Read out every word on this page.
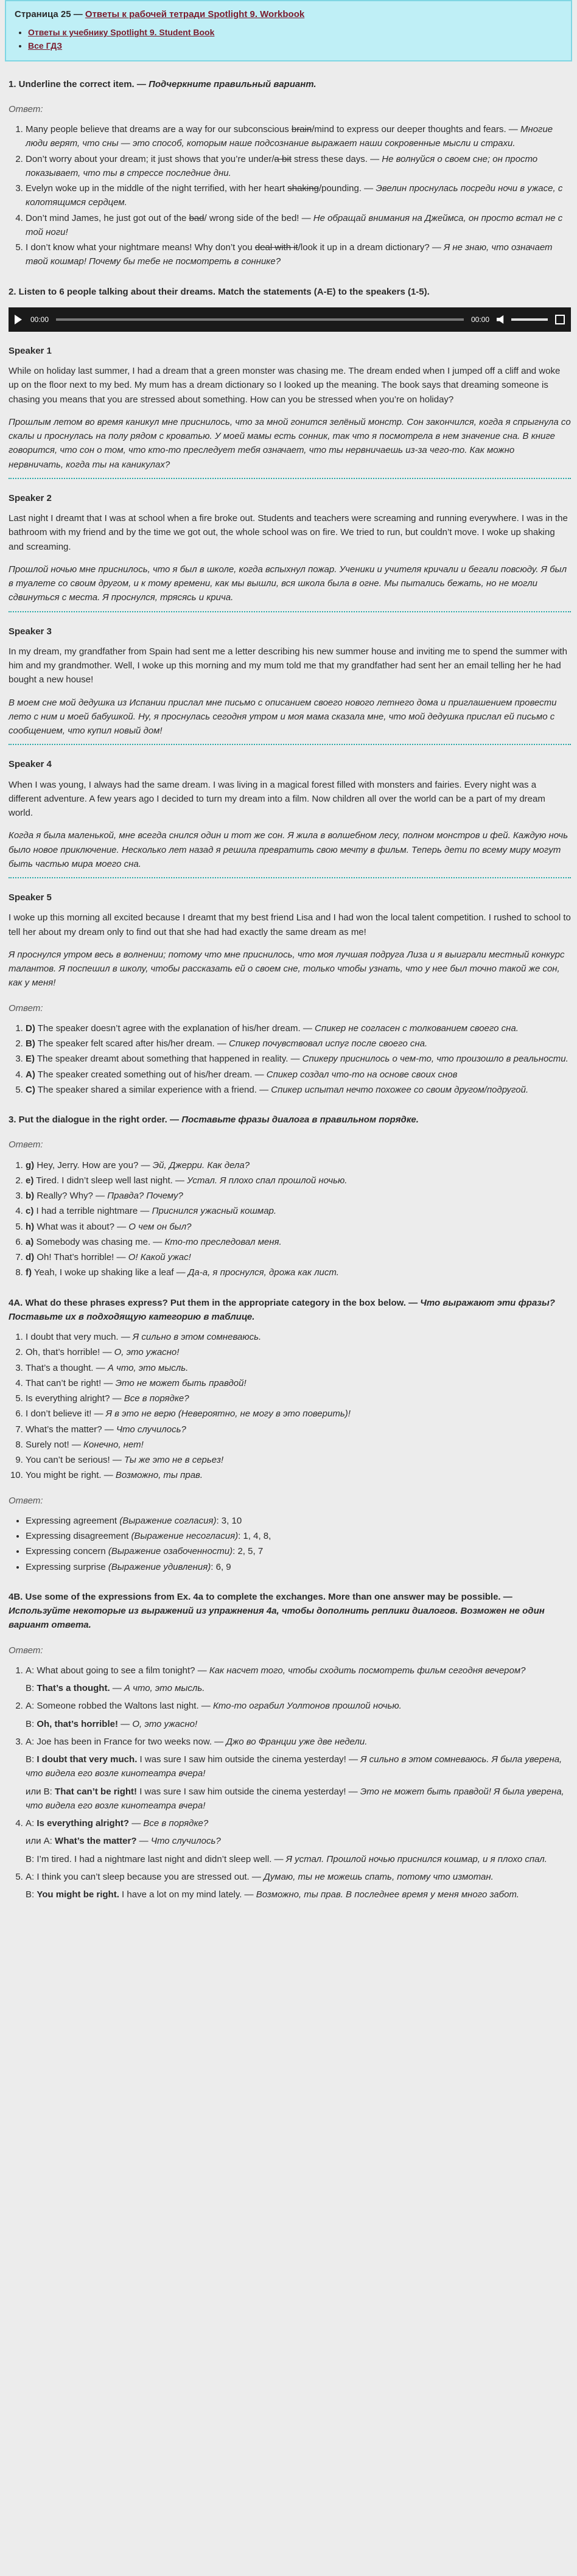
Страница 25 — Ответы к рабочей тетради Spotlight 9. Workbook
• Ответы к учебнику Spotlight 9. Student Book
• Все ГДЗ
1. Underline the correct item. — Подчеркните правильный вариант.
Ответ:
1. Many people believe that dreams are a way for our subconscious brain/mind to express our deeper thoughts and fears. — Многие люди верят, что сны — это способ, которым наше подсознание выражает наши сокровенные мысли и страхи.
2. Don’t worry about your dream; it just shows that you’re under/a bit stress these days. — Не волнуйся о своем сне; он просто показывает, что ты в стрессе последние дни.
3. Evelyn woke up in the middle of the night terrified, with her heart shaking/pounding. — Эвелин проснулась посреди ночи в ужасе, с колотящимся сердцем.
4. Don’t mind James, he just got out of the bad/ wrong side of the bed! — Не обращай внимания на Джеймса, он просто встал не с той ноги!
5. I don’t know what your nightmare means! Why don’t you deal with it/look it up in a dream dictionary? — Я не знаю, что означает твой кошмар! Почему бы тебе не посмотреть в соннике?
2. Listen to 6 people talking about their dreams. Match the statements (A-E) to the speakers (1-5).
00:00	00:00
Speaker 1

While on holiday last summer, I had a dream that a green monster was chasing me. The dream ended when I jumped off a cliff and woke up on the floor next to my bed. My mum has a dream dictionary so I looked up the meaning. The book says that dreaming someone is chasing you means that you are stressed about something. How can you be stressed when you’re on holiday?

Прошлым летом во время каникул мне приснилось, что за мной гонится зелёный монстр. Сон закончился, когда я спрыгнула со скалы и проснулась на полу рядом с кроватью. У моей мамы есть сонник, так что я посмотрела в нем значение сна. В книге говорится, что сон о том, что кто-то преследует тебя означает, что ты нервничаешь из-за чего-то. Как можно нервничать, когда ты на каникулах?

Speaker 2

Last night I dreamt that I was at school when a fire broke out. Students and teachers were screaming and running everywhere. I was in the bathroom with my friend and by the time we got out, the whole school was on fire. We tried to run, but couldn’t move. I woke up shaking and screaming.

Прошлой ночью мне приснилось, что я был в школе, когда вспыхнул пожар. Ученики и учителя кричали и бегали повсюду. Я был в туалете со своим другом, и к тому времени, как мы вышли, вся школа была в огне. Мы пытались бежать, но не могли сдвинуться с места. Я проснулся, трясясь и крича.

Speaker 3

In my dream, my grandfather from Spain had sent me a letter describing his new summer house and inviting me to spend the summer with him and my grandmother. Well, I woke up this morning and my mum told me that my grandfather had sent her an email telling her he had bought a new house!

В моем сне мой дедушка из Испании прислал мне письмо с описанием своего нового летнего дома и приглашением провести лето с ним и моей бабушкой. Ну, я проснулась сегодня утром и моя мама сказала мне, что мой дедушка прислал ей письмо с сообщением, что купил новый дом!

Speaker 4

When I was young, I always had the same dream. I was living in a magical forest filled with monsters and fairies. Every night was a different adventure. A few years ago I decided to turn my dream into a film. Now children all over the world can be a part of my dream world.

Когда я была маленькой, мне всегда снился один и тот же сон. Я жила в волшебном лесу, полном монстров и фей. Каждую ночь было новое приключение. Несколько лет назад я решила превратить свою мечту в фильм. Теперь дети по всему миру могут быть частью мира моего сна.

Speaker 5

I woke up this morning all excited because I dreamt that my best friend Lisa and I had won the local talent competition. I rushed to school to tell her about my dream only to find out that she had had exactly the same dream as me!

Я проснулся утром весь в волнении; потому что мне приснилось, что моя лучшая подруга Лиза и я выиграли местный конкурс талантов. Я поспешил в школу, чтобы рассказать ей о своем сне, только чтобы узнать, что у нее был точно такой же сон, как у меня!

Ответ:
1. D) The speaker doesn’t agree with the explanation of his/her dream. — Спикер не согласен с толкованием своего сна.
2. B) The speaker felt scared after his/her dream. — Спикер почувствовал испуг после своего сна.
3. E) The speaker dreamt about something that happened in reality. — Спикеру приснилось о чем-то, что произошло в реальности.
4. A) The speaker created something out of his/her dream. — Спикер создал что-то на основе своих снов
5. C) The speaker shared a similar experience with a friend. — Спикер испытал нечто похожее со своим другом/подругой.
3. Put the dialogue in the right order. — Поставьте фразы диалога в правильном порядке.
Ответ:
1. g) Hey, Jerry. How are you? — Эй, Джерри. Как дела?
2. e) Tired. I didn’t sleep well last night. — Устал. Я плохо спал прошлой ночью.
3. b) Really? Why? — Правда? Почему?
4. c) I had a terrible nightmare — Приснился ужасный кошмар.
5. h) What was it about? — О чем он был?
6. a) Somebody was chasing me. — Кто-то преследовал меня.
7. d) Oh! That’s horrible! — О! Какой ужас!
8. f) Yeah, I woke up shaking like a leaf — Да-а, я проснулся, дрожа как лист.
4A. What do these phrases express? Put them in the appropriate category in the box below. — Что выражают эти фразы? Поставьте их в подходящую категорию в таблице.
1. I doubt that very much. — Я сильно в этом сомневаюсь.
2. Oh, that’s horrible! — О, это ужасно!
3. That’s a thought. — А что, это мысль.
4. That can’t be right! — Это не может быть правдой!
5. Is everything alright? — Все в порядке?
6. I don’t believe it! — Я в это не верю (Невероятно, не могу в это поверить)!
7. What’s the matter? — Что случилось?
8. Surely not! — Конечно, нет!
9. You can’t be serious! — Ты же это не в серьез!
10. You might be right. — Возможно, ты прав.
Ответ:
• Expressing agreement (Выражение согласия): 3, 10
• Expressing disagreement (Выражение несогласия): 1, 4, 8,
• Expressing concern (Выражение озабоченности): 2, 5, 7
• Expressing surprise (Выражение удивления): 6, 9
4B. Use some of the expressions from Ex. 4a to complete the exchanges. More than one answer may be possible. — Используйте некоторые из выражений из упражнения 4а, чтобы дополнить реплики диалогов. Возможен не один вариант ответа.
Ответ:
1. A: What about going to see a film tonight? — Как насчет того, чтобы сходить посмотреть фильм сегодня вечером?
B: That’s a thought. — А что, это мысль.
2. A: Someone robbed the Waltons last night. — Кто-то ограбил Уолтонов прошлой ночью.
B: Oh, that’s horrible! — О, это ужасно!
3. A: Joe has been in France for two weeks now. — Джо во Франции уже две недели.
B: I doubt that very much. I was sure I saw him outside the cinema yesterday! — Я сильно в этом сомневаюсь. Я была уверена, что видела его возле кинотеатра вчера!
или B: That can’t be right! I was sure I saw him outside the cinema yesterday! — Это не может быть правдой! Я была уверена, что видела его возле кинотеатра вчера!
4. A: Is everything alright? — Все в порядке?
или A: What’s the matter? — Что случилось?
B: I’m tired. I had a nightmare last night and didn’t sleep well. — Я устал. Прошлой ночью приснился кошмар, и я плохо спал.
5. A: I think you can’t sleep because you are stressed out. — Думаю, ты не можешь спать, потому что измотан.
B: You might be right. I have a lot on my mind lately. — Возможно, ты прав. В последнее время у меня много забот.
